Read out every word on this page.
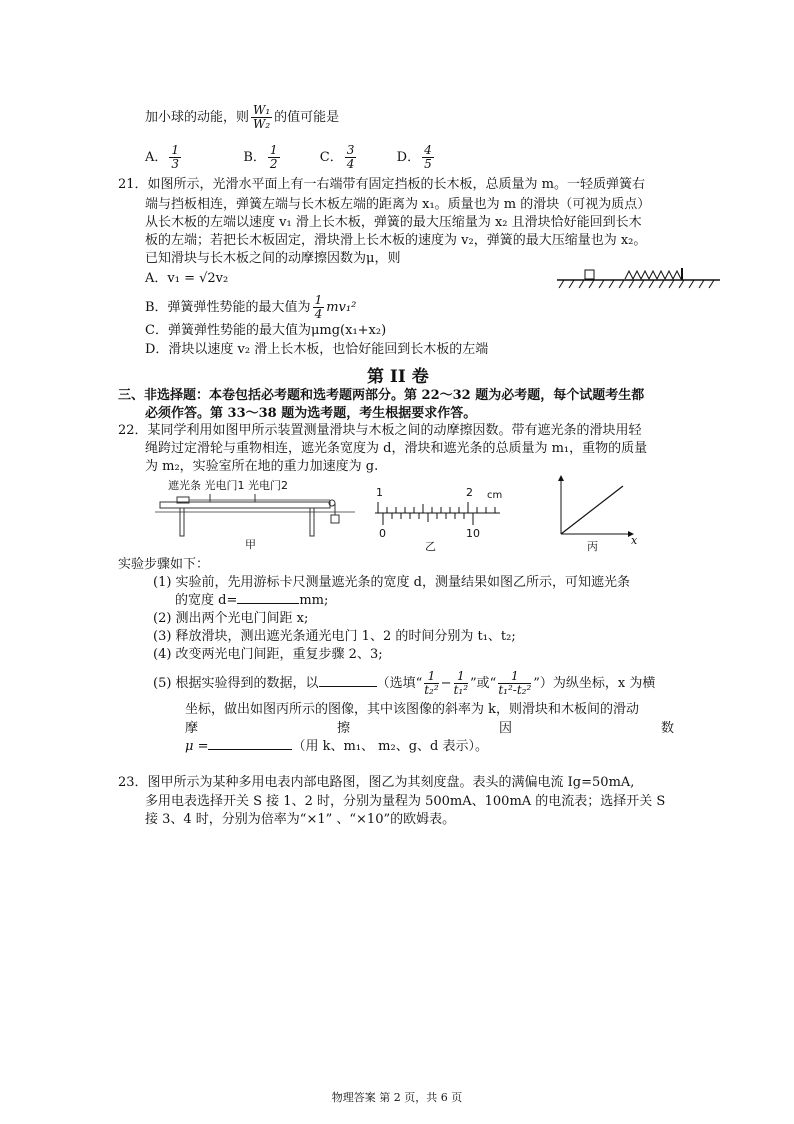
加小球的动能，则 $\frac{\text{W₁}}{\text{W₂}}$ 的值可能是
A． $\frac{1}{3}$	B． $\frac{1}{2}$	C． $\frac{3}{4}$	D． $\frac{4}{5}$
21．如图所示，光滑水平面上有一右端带有固定挡板的长木板，总质量为 m。一轻质弹簧右
端与挡板相连，弹簧左端与长木板左端的距离为 x₁。质量也为 m 的滑块（可视为质点）
从长木板的左端以速度 v₁ 滑上长木板，弹簧的最大压缩量为 x₂ 且滑块恰好能回到长木
板的左端；若把长木板固定，滑块滑上长木板的速度为 v₂，弹簧的最大压缩量也为 x₂。
已知滑块与长木板之间的动摩擦因数为μ，则
A．v₁ = √2v₂
B．弹簧弹性势能的最大值为 $\frac{1}{4} mv_1^2$
C．弹簧弹性势能的最大值为μmg(x₁+x₂)
D．滑块以速度 v₂ 滑上长木板，也恰好能回到长木板的左端
第 II 卷
三、非选择题：本卷包括必考题和选考题两部分。第 22～32 题为必考题，每个试题考生都
必须作答。第 33～38 题为选考题，考生根据要求作答。
22．某同学利用如图甲所示装置测量滑块与木板之间的动摩擦因数。带有遮光条的滑块用轻
绳跨过定滑轮与重物相连，遮光条宽度为 d，滑块和遮光条的总质量为 m₁，重物的质量
为 m₂，实验室所在地的重力加速度为 g.
遮光条 光电门1 光电门2
甲
1	2 cm
0	10
乙	丙	x
实验步骤如下：
(1) 实验前，先用游标卡尺测量遮光条的宽度 d，测量结果如图乙所示，可知遮光条
的宽度 d=	mm;
(2) 测出两个光电门间距 x;
(3) 释放滑块，测出遮光条通光电门 1、2 的时间分别为 t₁、t₂;
(4) 改变两光电门间距，重复步骤 2、3;
(5) 根据实验得到的数据，以	（选填“ $\frac{1}{\text{t₂²}} - \frac{1}{\text{t₁²}}$ ”或“ $\frac{1}{\text{t₁²-t₂²}}$ ”）为纵坐标，x 为横
坐标，做出如图丙所示的图像，其中该图像的斜率为 k，则滑块和木板间的滑动
摩	擦	因	数
μ =	（用 k、m₁、 m₂、g、d 表示）。
23．图甲所示为某种多用电表内部电路图，图乙为其刻度盘。表头的满偏电流 Ig=50mA,
多用电表选择开关 S 接 1、2 时，分别为量程为 500mA、100mA 的电流表；选择开关 S
接 3、4 时，分别为倍率为“×1” 、“×10”的欧姆表。
物理答案 第 2 页，共 6 页
